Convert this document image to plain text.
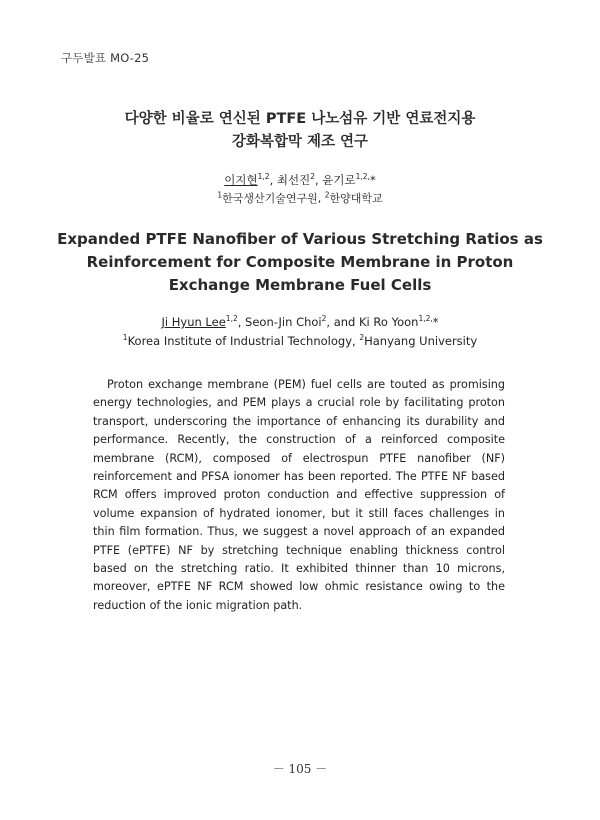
구두발표 MO-25
다양한 비율로 연신된 PTFE 나노섬유 기반 연료전지용
강화복합막 제조 연구
이지현$^{1,2}$, 최선진$^2$, 윤기로$^{1,2,}$*
$^1$한국생산기술연구원, $^2$한양대학교
Expanded PTFE Nanofiber of Various Stretching Ratios as
Reinforcement for Composite Membrane in Proton
Exchange Membrane Fuel Cells
Ji Hyun Lee$^{1,2}$, Seon-Jin Choi$^2$, and Ki Ro Yoon$^{1,2,}$*
$^1$Korea Institute of Industrial Technology, $^2$Hanyang University
Proton exchange membrane (PEM) fuel cells are touted as promising energy technologies, and PEM plays a crucial role by facilitating proton transport, underscoring the importance of enhancing its durability and performance. Recently, the construction of a reinforced composite membrane (RCM), composed of electrospun PTFE nanofiber (NF) reinforcement and PFSA ionomer has been reported. The PTFE NF based RCM offers improved proton conduction and effective suppression of volume expansion of hydrated ionomer, but it still faces challenges in thin film formation. Thus, we suggest a novel approach of an expanded PTFE (ePTFE) NF by stretching technique enabling thickness control based on the stretching ratio. It exhibited thinner than 10 microns, moreover, ePTFE NF RCM showed low ohmic resistance owing to the reduction of the ionic migration path.
－ 105 －
